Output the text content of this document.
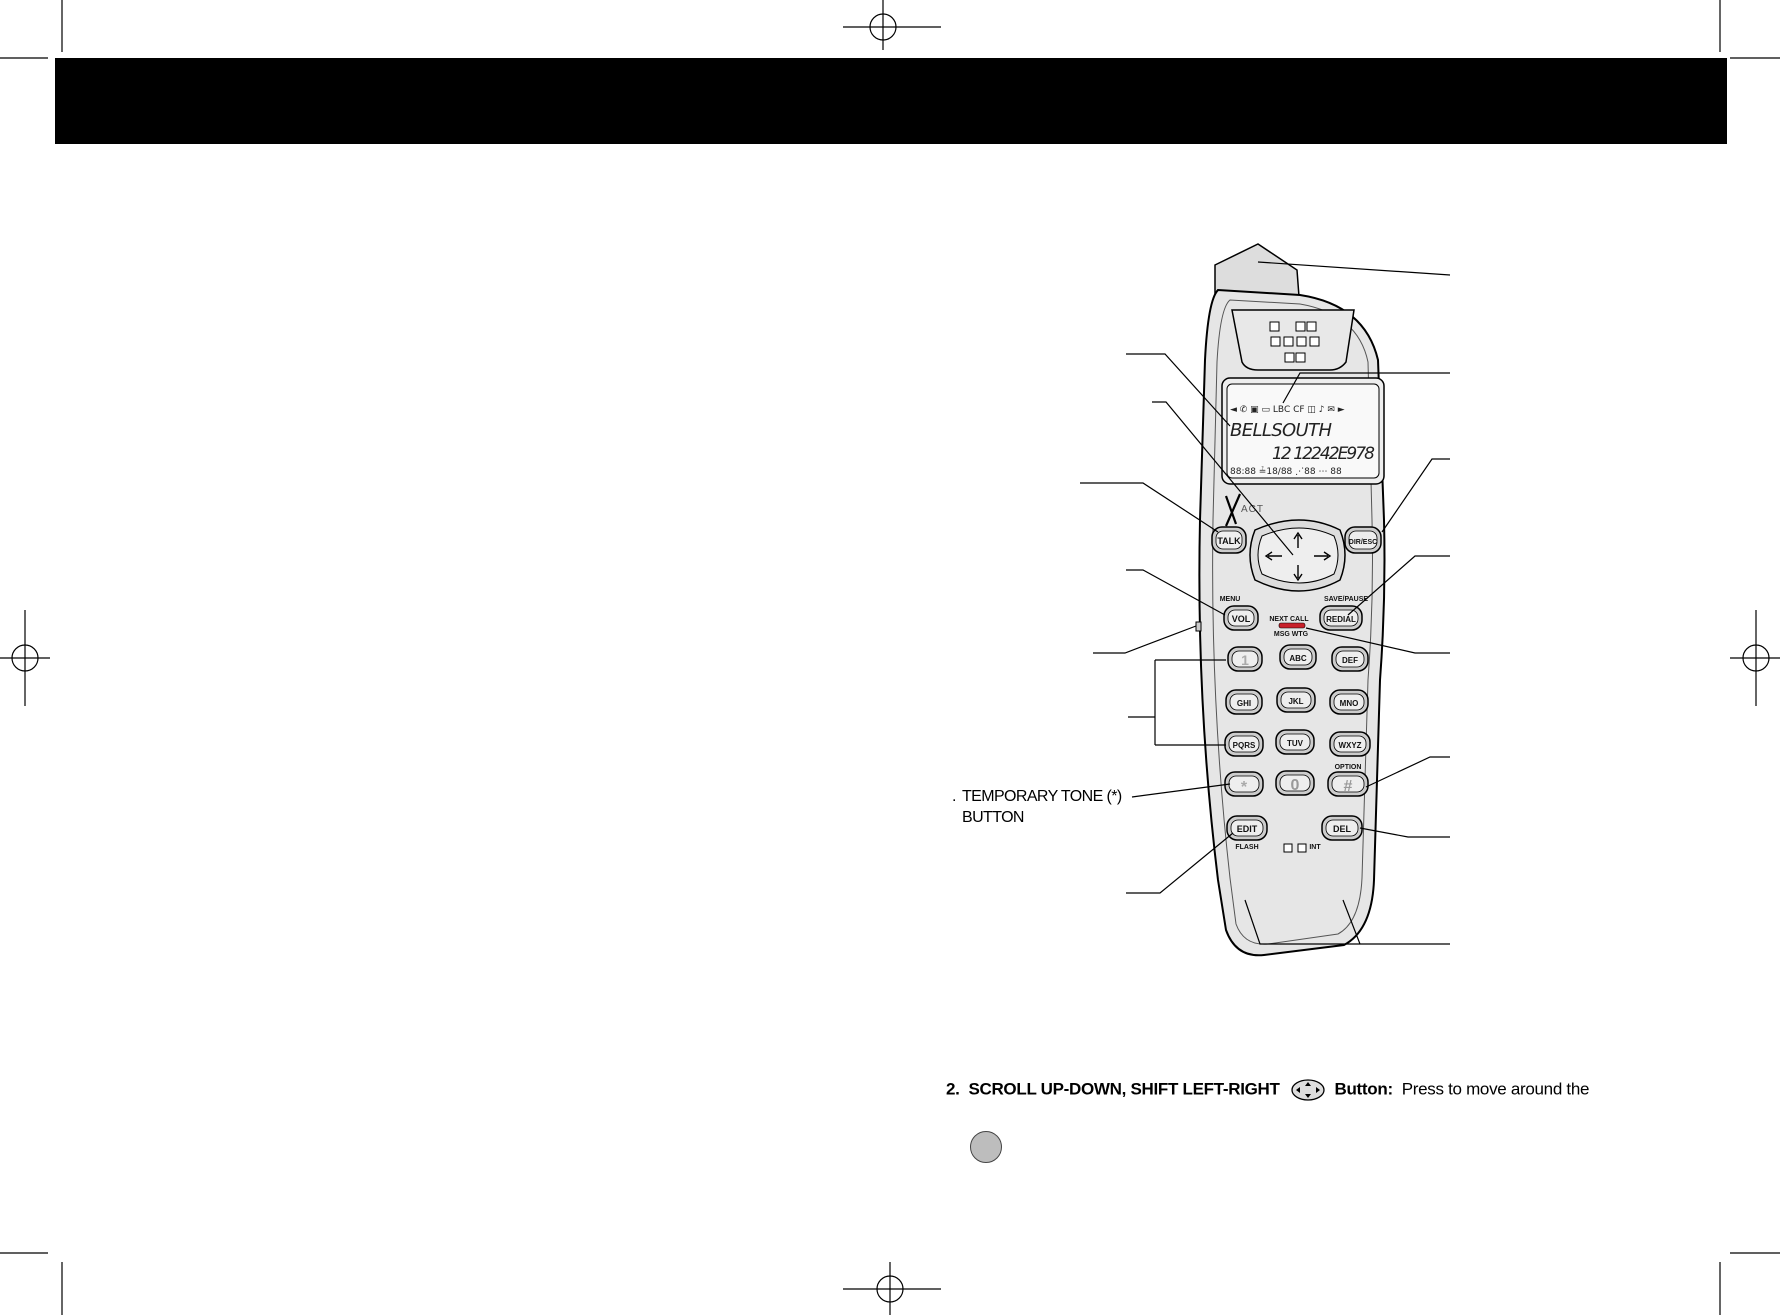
◄ ✆ ▣ ▭ LBC CF ◫ ♪ ✉ ►
BELLSOUTH
12 12242E978
88:88 ≟18/88 ⋰88 ⋯ 88
ACT
TALK	DIR/ESC
MENU
VOL
SAVE/PAUSE
REDIAL
NEXT CALL
MSG WTG
1	ABC	DEF
GHI	JKL	MNO
PQRS	TUV	WXYZ
OPTION
*	0	#
EDIT
FLASH
DEL
INT
. TEMPORARY TONE (*)
BUTTON
2. SCROLL UP-DOWN, SHIFT LEFT-RIGHT	Button: Press to move around the
